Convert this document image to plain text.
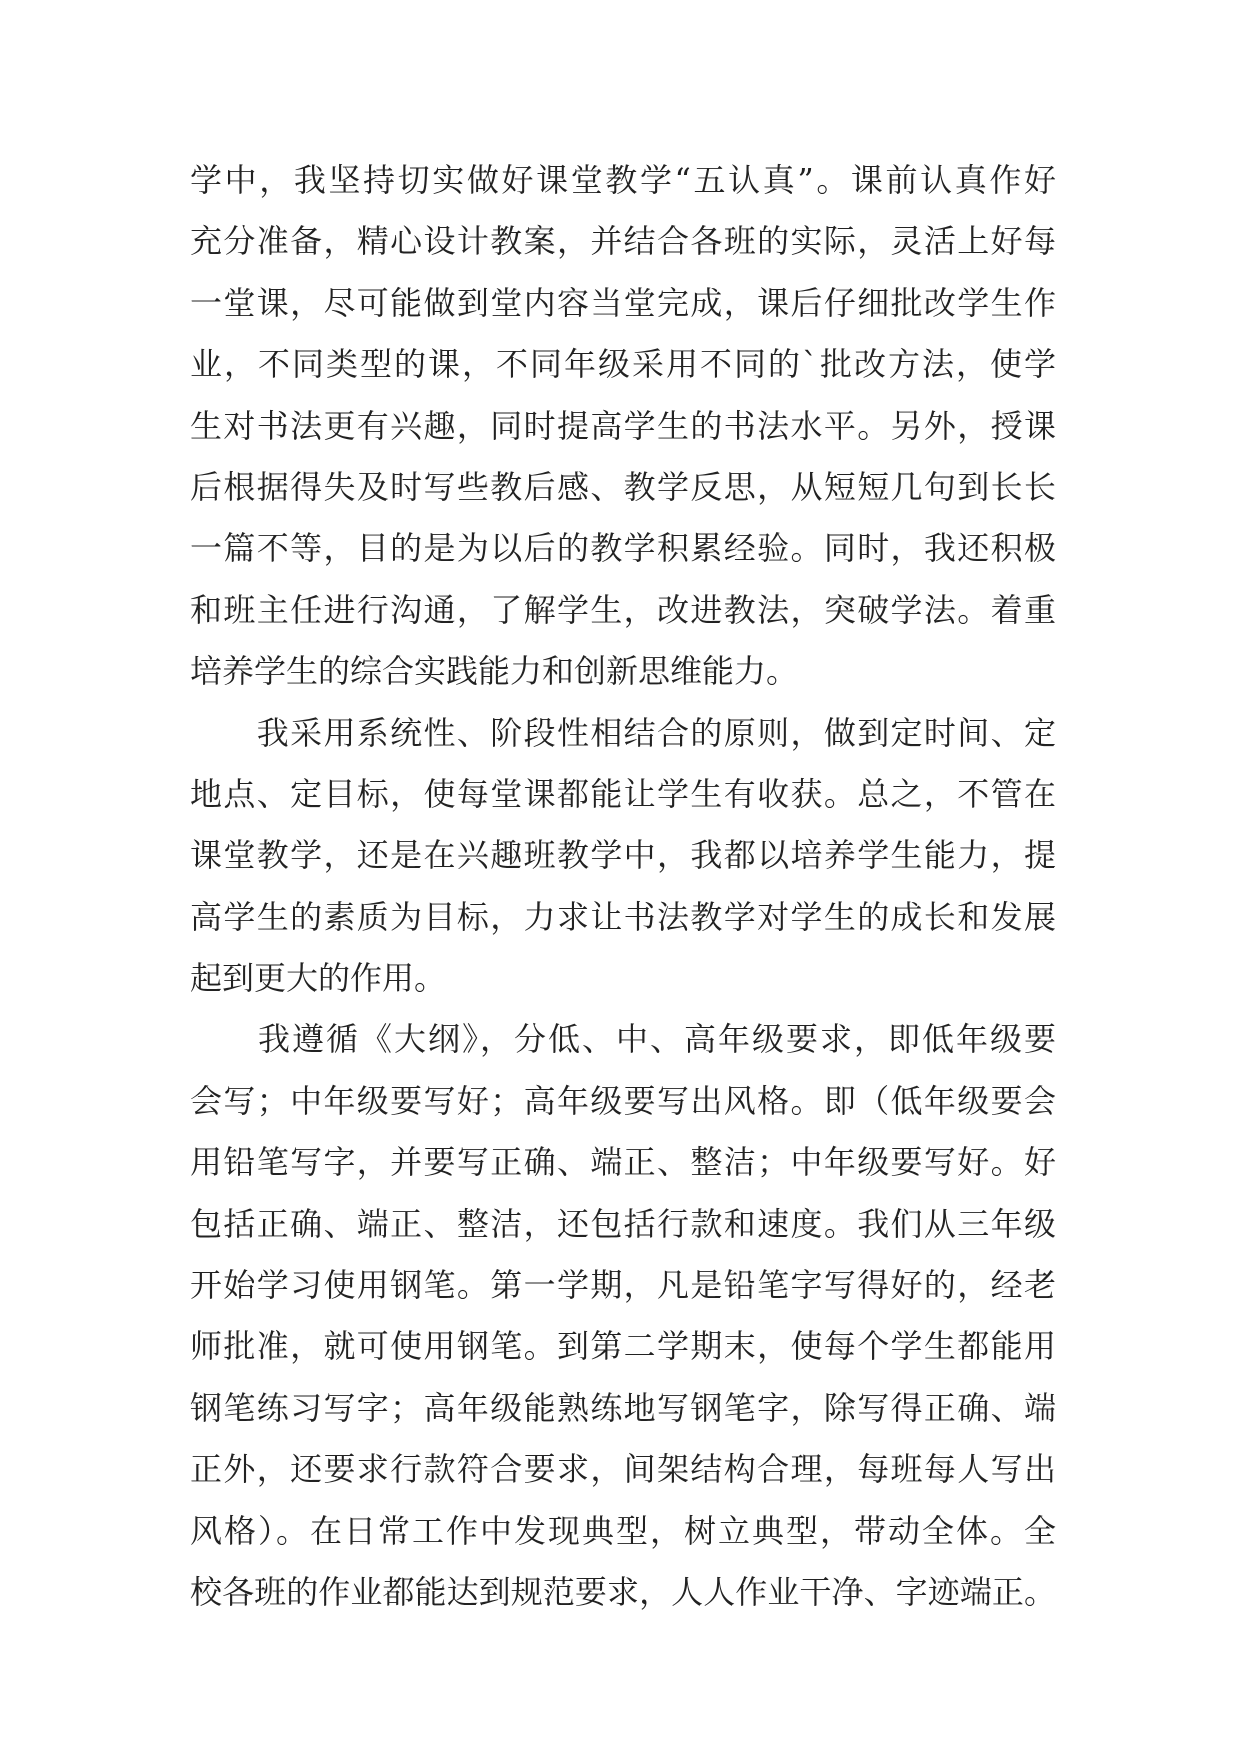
学中，我坚持切实做好课堂教学“五认真”。课前认真作好
充分准备，精心设计教案，并结合各班的实际，灵活上好每
一堂课，尽可能做到堂内容当堂完成，课后仔细批改学生作
业，不同类型的课，不同年级采用不同的`批改方法，使学
生对书法更有兴趣，同时提高学生的书法水平。另外，授课
后根据得失及时写些教后感、教学反思，从短短几句到长长
一篇不等，目的是为以后的教学积累经验。同时，我还积极
和班主任进行沟通，了解学生，改进教法，突破学法。着重
培养学生的综合实践能力和创新思维能力。
　　我采用系统性、阶段性相结合的原则，做到定时间、定
地点、定目标，使每堂课都能让学生有收获。总之，不管在
课堂教学，还是在兴趣班教学中，我都以培养学生能力，提
高学生的素质为目标，力求让书法教学对学生的成长和发展
起到更大的作用。
　　我遵循《大纲》，分低、中、高年级要求，即低年级要
会写；中年级要写好；高年级要写出风格。即（低年级要会
用铅笔写字，并要写正确、端正、整洁；中年级要写好。好
包括正确、端正、整洁，还包括行款和速度。我们从三年级
开始学习使用钢笔。第一学期，凡是铅笔字写得好的，经老
师批准，就可使用钢笔。到第二学期末，使每个学生都能用
钢笔练习写字；高年级能熟练地写钢笔字，除写得正确、端
正外，还要求行款符合要求，间架结构合理，每班每人写出
风格）。在日常工作中发现典型，树立典型，带动全体。全
校各班的作业都能达到规范要求，人人作业干净、字迹端正。
